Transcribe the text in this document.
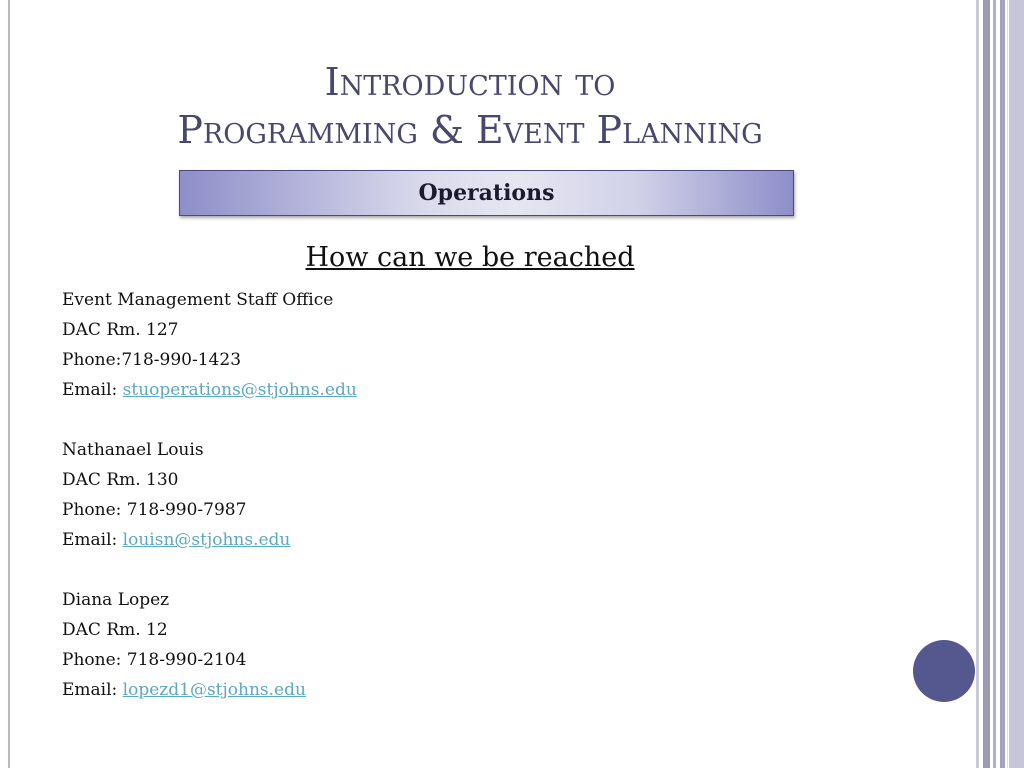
Introduction to
Programming & Event Planning
Operations
How can we be reached
Event Management Staff Office
DAC Rm. 127
Phone:718-990-1423
Email: stuoperations@stjohns.edu
Nathanael Louis
DAC Rm. 130
Phone: 718-990-7987
Email: louisn@stjohns.edu
Diana Lopez
DAC Rm. 12
Phone: 718-990-2104
Email: lopezd1@stjohns.edu
